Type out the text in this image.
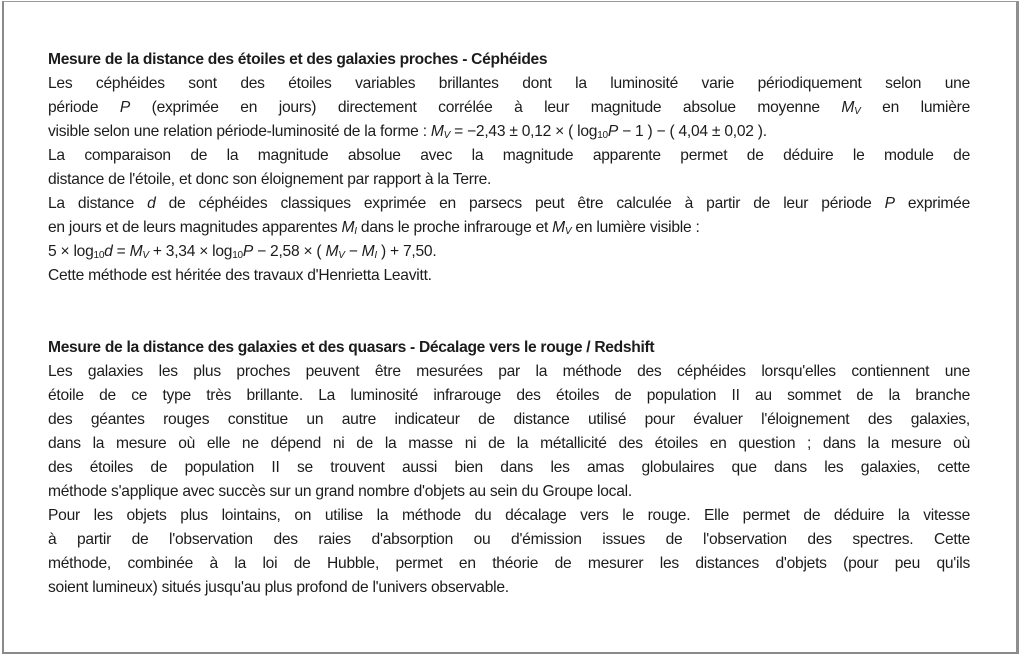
Mesure de la distance des étoiles et des galaxies proches - Céphéides
Les céphéides sont des étoiles variables brillantes dont la luminosité varie périodiquement selon une
période P (exprimée en jours) directement corrélée à leur magnitude absolue moyenne $M_V$ en lumière
visible selon une relation période-luminosité de la forme : $M_V = -2,43 \pm 0,12$ × ( $\log_{10}P - 1$ ) − ( 4,04 ± 0,02 ).
La comparaison de la magnitude absolue avec la magnitude apparente permet de déduire le module de
distance de l'étoile, et donc son éloignement par rapport à la Terre.
La distance d de céphéides classiques exprimée en parsecs peut être calculée à partir de leur période P exprimée
en jours et de leurs magnitudes apparentes $M_I$ dans le proche infrarouge et $M_V$ en lumière visible :
$5 \times \log_{10}d = M_V + 3,34 \times \log_{10}P - 2,58$ × ( $M_V - M_I$ ) + 7,50.
Cette méthode est héritée des travaux d'Henrietta Leavitt.
Mesure de la distance des galaxies et des quasars - Décalage vers le rouge / Redshift
Les galaxies les plus proches peuvent être mesurées par la méthode des céphéides lorsqu'elles contiennent une
étoile de ce type très brillante. La luminosité infrarouge des étoiles de population II au sommet de la branche
des géantes rouges constitue un autre indicateur de distance utilisé pour évaluer l'éloignement des galaxies,
dans la mesure où elle ne dépend ni de la masse ni de la métallicité des étoiles en question ; dans la mesure où
des étoiles de population II se trouvent aussi bien dans les amas globulaires que dans les galaxies, cette
méthode s'applique avec succès sur un grand nombre d'objets au sein du Groupe local.
Pour les objets plus lointains, on utilise la méthode du décalage vers le rouge. Elle permet de déduire la vitesse
à partir de l'observation des raies d'absorption ou d'émission issues de l'observation des spectres. Cette
méthode, combinée à la loi de Hubble, permet en théorie de mesurer les distances d'objets (pour peu qu'ils
soient lumineux) situés jusqu'au plus profond de l'univers observable.
